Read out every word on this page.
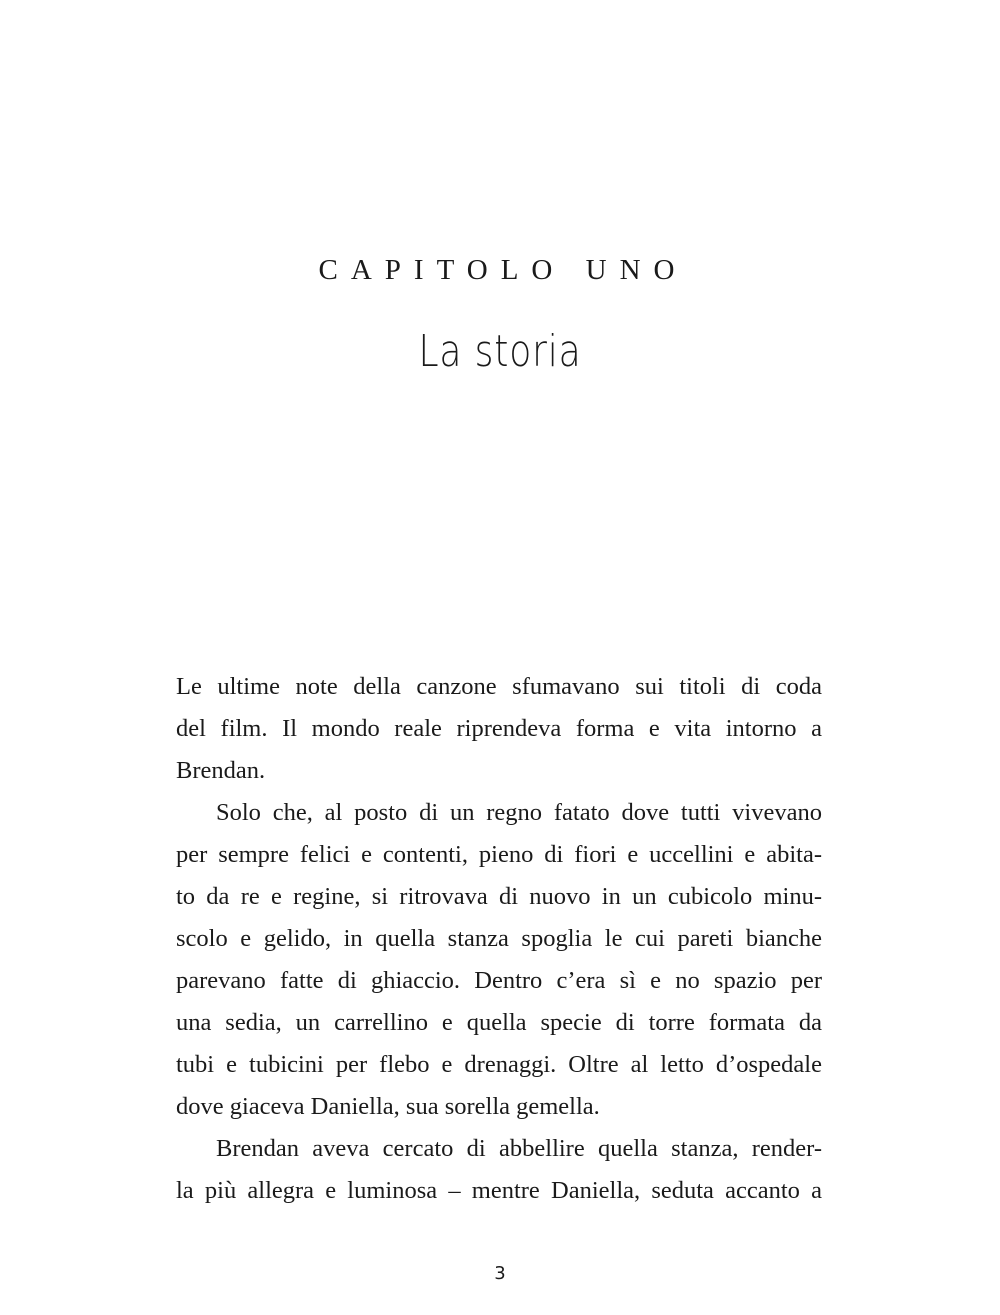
CAPITOLO UNO
La storia

Le ultime note della canzone sfumavano sui titoli di coda
del film. Il mondo reale riprendeva forma e vita intorno a
Brendan.

Solo che, al posto di un regno fatato dove tutti vivevano
per sempre felici e contenti, pieno di fiori e uccellini e abita-
to da re e regine, si ritrovava di nuovo in un cubicolo minu-
scolo e gelido, in quella stanza spoglia le cui pareti bianche
parevano fatte di ghiaccio. Dentro c’era sì e no spazio per
una sedia, un carrellino e quella specie di torre formata da
tubi e tubicini per flebo e drenaggi. Oltre al letto d’ospedale
dove giaceva Daniella, sua sorella gemella.

Brendan aveva cercato di abbellire quella stanza, render-
la più allegra e luminosa – mentre Daniella, seduta accanto a

3
